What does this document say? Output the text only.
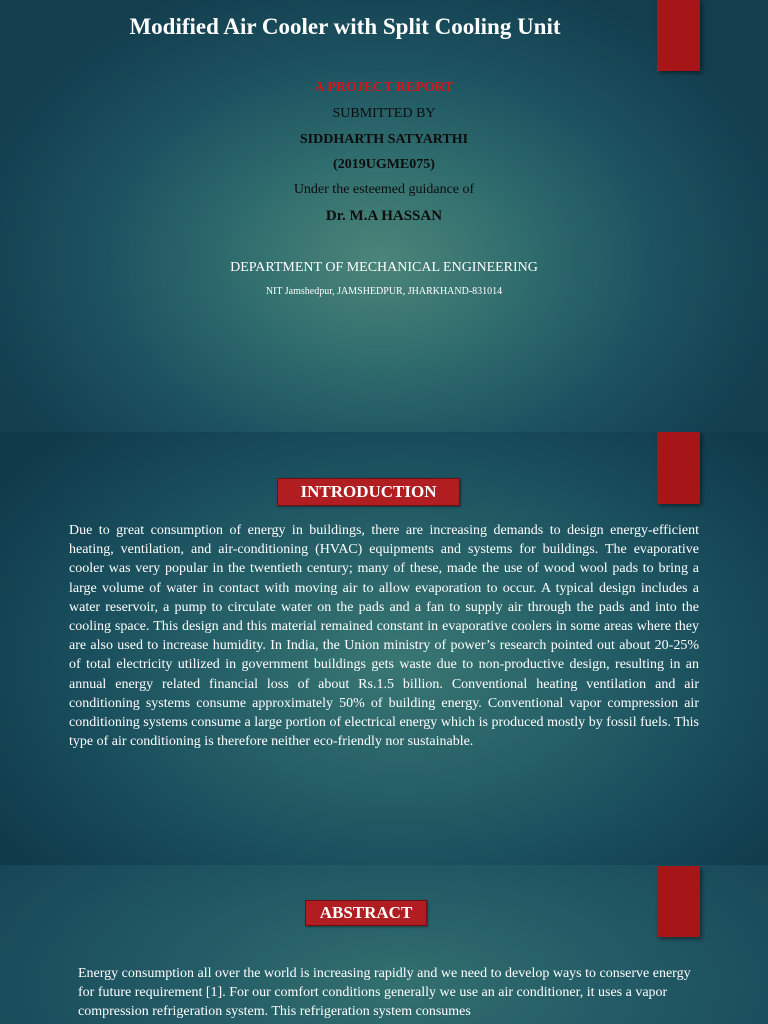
Modified Air Cooler with Split Cooling Unit
A PROJECT REPORT
SUBMITTED BY
SIDDHARTH SATYARTHI
(2019UGME075)
Under the esteemed guidance of
Dr. M.A HASSAN
DEPARTMENT OF MECHANICAL ENGINEERING
NIT Jamshedpur, JAMSHEDPUR, JHARKHAND-831014
INTRODUCTION
Due to great consumption of energy in buildings, there are increasing demands to design energy-efficient heating, ventilation, and air-conditioning (HVAC) equipments and systems for buildings. The evaporative cooler was very popular in the twentieth century; many of these, made the use of wood wool pads to bring a large volume of water in contact with moving air to allow evaporation to occur. A typical design includes a water reservoir, a pump to circulate water on the pads and a fan to supply air through the pads and into the cooling space. This design and this material remained constant in evaporative coolers in some areas where they are also used to increase humidity. In India, the Union ministry of power’s research pointed out about 20-25% of total electricity utilized in government buildings gets waste due to non-productive design, resulting in an annual energy related financial loss of about Rs.1.5 billion. Conventional heating ventilation and air conditioning systems consume approximately 50% of building energy. Conventional vapor compression air conditioning systems consume a large portion of electrical energy which is produced mostly by fossil fuels. This type of air conditioning is therefore neither eco-friendly nor sustainable.
ABSTRACT
Energy consumption all over the world is increasing rapidly and we need to develop ways to conserve energy for future requirement [1]. For our comfort conditions generally we use an air conditioner, it uses a vapor compression refrigeration system. This refrigeration system consumes
